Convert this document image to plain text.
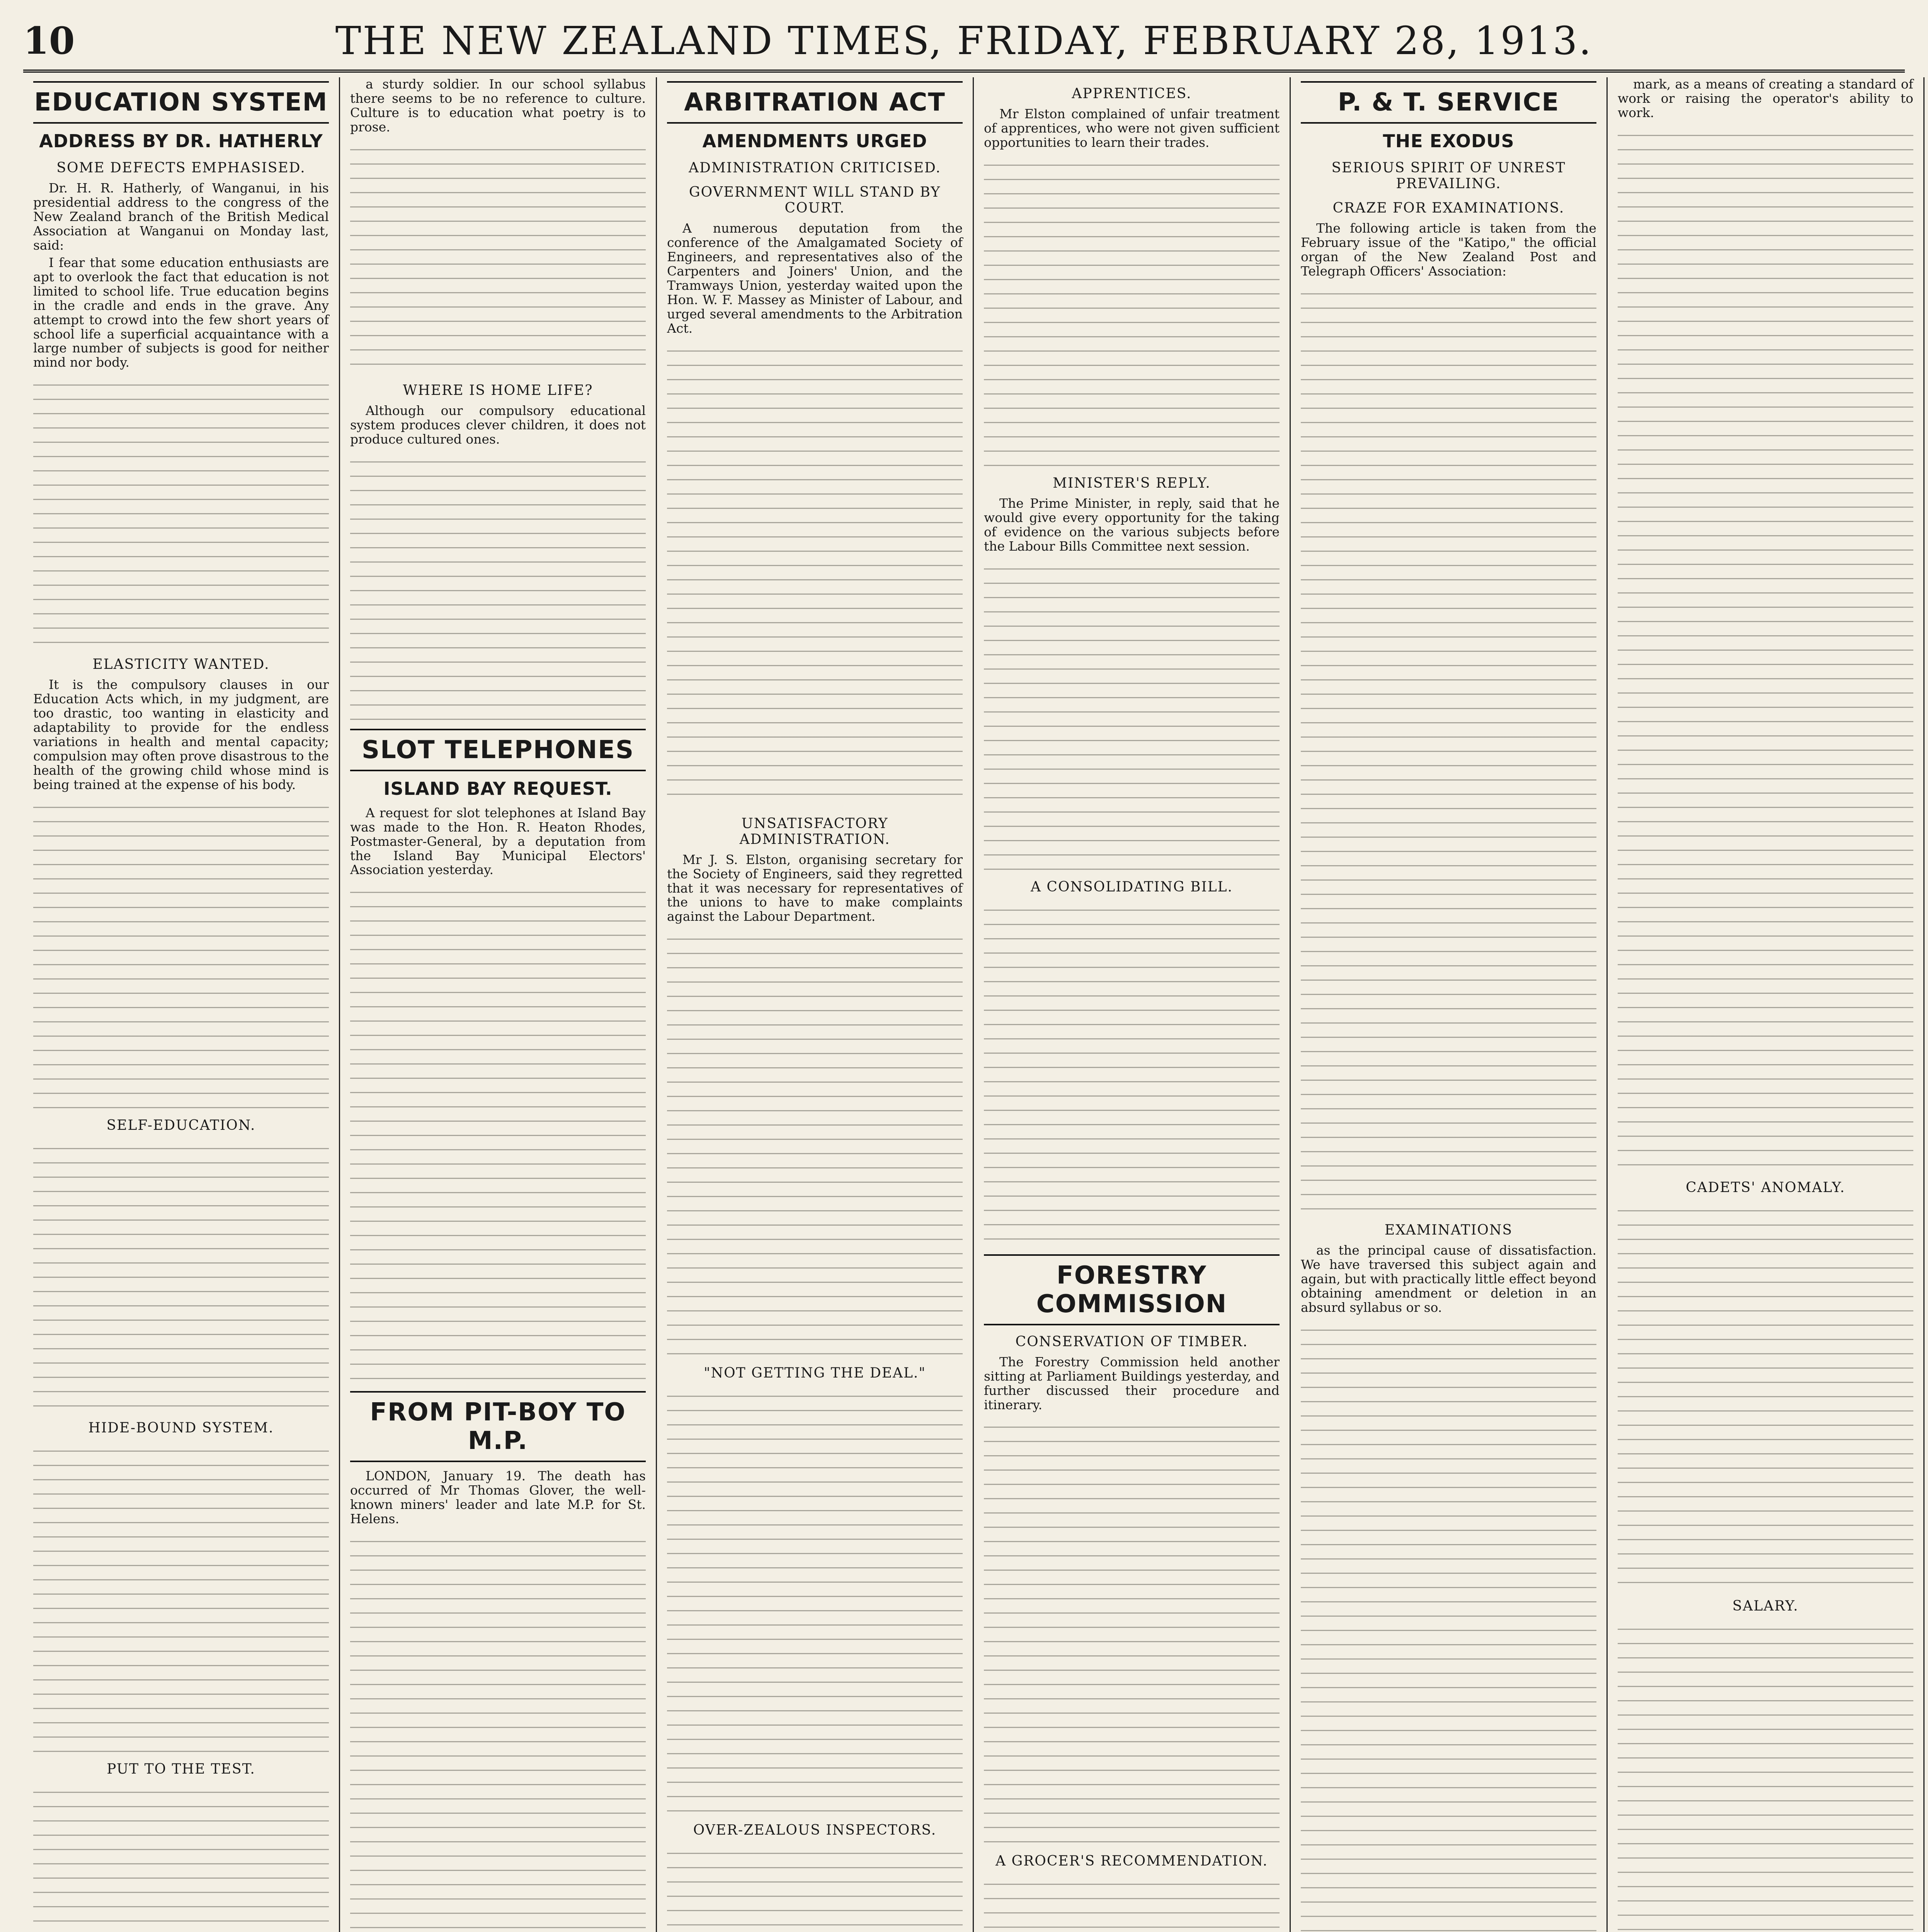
10	THE NEW ZEALAND TIMES, FRIDAY, FEBRUARY 28, 1913.
EDUCATION SYSTEM
ADDRESS BY DR. HATHERLY
SOME DEFECTS EMPHASISED.

Dr. H. R. Hatherly, of Wanganui, in his presidential address to the congress of the New Zealand branch of the British Medical Association at Wanganui on Monday last, said:

I fear that some education enthusiasts are apt to overlook the fact that education is not limited to school life. True education begins in the cradle and ends in the grave. Any attempt to crowd into the few short years of school life a superficial acquaintance with a large number of subjects is good for neither mind nor body.

ELASTICITY WANTED.

It is the compulsory clauses in our Education Acts which, in my judgment, are too drastic, too wanting in elasticity and adaptability to provide for the endless variations in health and mental capacity; compulsion may often prove disastrous to the health of the growing child whose mind is being trained at the expense of his body.

SELF-EDUCATION.
HIDE-BOUND SYSTEM.
PUT TO THE TEST.

a sturdy soldier. In our school syllabus there seems to be no reference to culture. Culture is to education what poetry is to prose.

WHERE IS HOME LIFE?

Although our compulsory educational system produces clever children, it does not produce cultured ones.

SLOT TELEPHONES
ISLAND BAY REQUEST.

A request for slot telephones at Island Bay was made to the Hon. R. Heaton Rhodes, Postmaster-General, by a deputation from the Island Bay Municipal Electors' Association yesterday.

FROM PIT-BOY TO M.P.

LONDON, January 19. The death has occurred of Mr Thomas Glover, the well-known miners' leader and late M.P. for St. Helens.

ARBITRATION ACT
AMENDMENTS URGED
ADMINISTRATION CRITICISED.
GOVERNMENT WILL STAND BY COURT.

A numerous deputation from the conference of the Amalgamated Society of Engineers, and representatives also of the Carpenters and Joiners' Union, and the Tramways Union, yesterday waited upon the Hon. W. F. Massey as Minister of Labour, and urged several amendments to the Arbitration Act.

UNSATISFACTORY ADMINISTRATION.

Mr J. S. Elston, organising secretary for the Society of Engineers, said they regretted that it was necessary for representatives of the unions to have to make complaints against the Labour Department.

"NOT GETTING THE DEAL."
OVER-ZEALOUS INSPECTORS.
APPRENTICES.

Mr Elston complained of unfair treatment of apprentices, who were not given sufficient opportunities to learn their trades.

MINISTER'S REPLY.

The Prime Minister, in reply, said that he would give every opportunity for the taking of evidence on the various subjects before the Labour Bills Committee next session.

A CONSOLIDATING BILL.
FORESTRY COMMISSION
CONSERVATION OF TIMBER.

The Forestry Commission held another sitting at Parliament Buildings yesterday, and further discussed their procedure and itinerary.

A GROCER'S RECOMMENDATION.
P. & T. SERVICE
THE EXODUS
SERIOUS SPIRIT OF UNREST PREVAILING.
CRAZE FOR EXAMINATIONS.

The following article is taken from the February issue of the "Katipo," the official organ of the New Zealand Post and Telegraph Officers' Association:

EXAMINATIONS

as the principal cause of dissatisfaction. We have traversed this subject again and again, but with practically little effect beyond obtaining amendment or deletion in an absurd syllabus or so.

mark, as a means of creating a standard of work or raising the operator's ability to work.

CADETS' ANOMALY.
SALARY.
